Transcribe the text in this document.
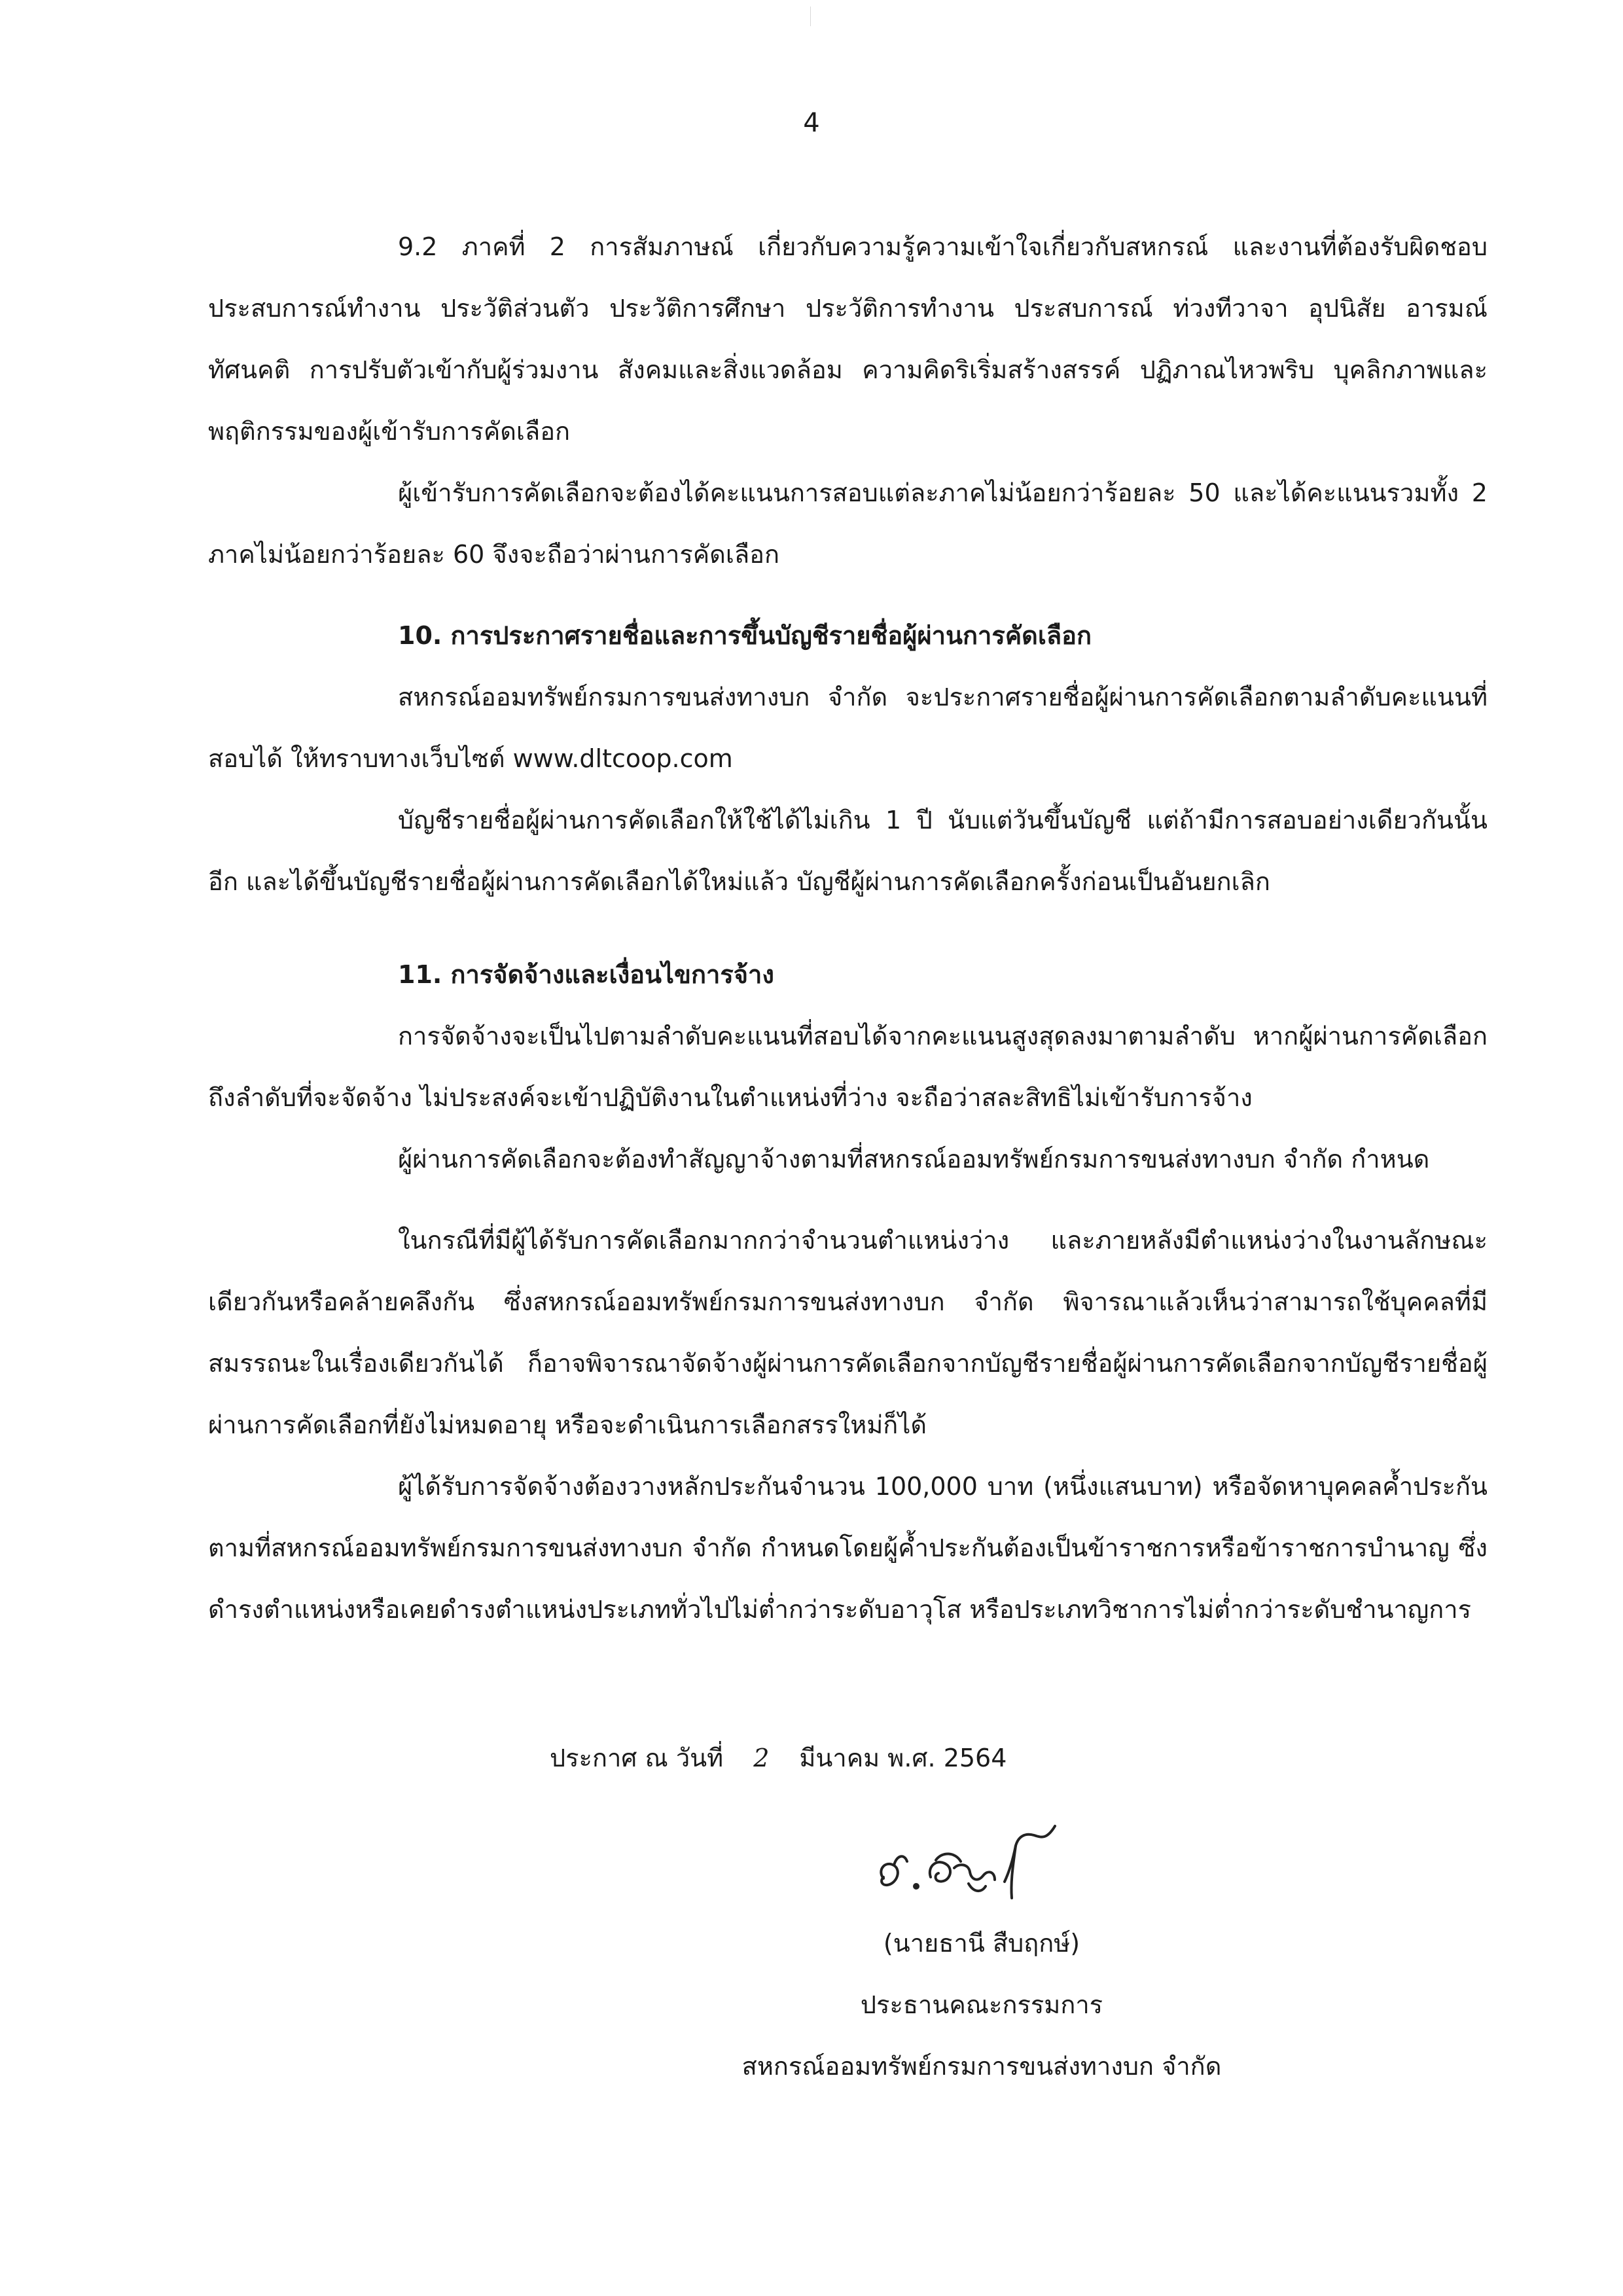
4

9.2 ภาคที่ 2 การสัมภาษณ์ เกี่ยวกับความรู้ความเข้าใจเกี่ยวกับสหกรณ์ และงานที่ต้องรับผิดชอบ ประสบการณ์ทำงาน ประวัติส่วนตัว ประวัติการศึกษา ประวัติการทำงาน ประสบการณ์ ท่วงทีวาจา อุปนิสัย อารมณ์ ทัศนคติ การปรับตัวเข้ากับผู้ร่วมงาน สังคมและสิ่งแวดล้อม ความคิดริเริ่มสร้างสรรค์ ปฏิภาณไหวพริบ บุคลิกภาพและพฤติกรรมของผู้เข้ารับการคัดเลือก

ผู้เข้ารับการคัดเลือกจะต้องได้คะแนนการสอบแต่ละภาคไม่น้อยกว่าร้อยละ 50 และได้คะแนนรวมทั้ง 2 ภาคไม่น้อยกว่าร้อยละ 60 จึงจะถือว่าผ่านการคัดเลือก

10. การประกาศรายชื่อและการขึ้นบัญชีรายชื่อผู้ผ่านการคัดเลือก

สหกรณ์ออมทรัพย์กรมการขนส่งทางบก จำกัด จะประกาศรายชื่อผู้ผ่านการคัดเลือกตามลำดับคะแนนที่สอบได้ ให้ทราบทางเว็บไซต์ www.dltcoop.com

บัญชีรายชื่อผู้ผ่านการคัดเลือกให้ใช้ได้ไม่เกิน 1 ปี นับแต่วันขึ้นบัญชี แต่ถ้ามีการสอบอย่างเดียวกันนั้นอีก และได้ขึ้นบัญชีรายชื่อผู้ผ่านการคัดเลือกได้ใหม่แล้ว บัญชีผู้ผ่านการคัดเลือกครั้งก่อนเป็นอันยกเลิก

11. การจัดจ้างและเงื่อนไขการจ้าง

การจัดจ้างจะเป็นไปตามลำดับคะแนนที่สอบได้จากคะแนนสูงสุดลงมาตามลำดับ หากผู้ผ่านการคัดเลือกถึงลำดับที่จะจัดจ้าง ไม่ประสงค์จะเข้าปฏิบัติงานในตำแหน่งที่ว่าง จะถือว่าสละสิทธิไม่เข้ารับการจ้าง

ผู้ผ่านการคัดเลือกจะต้องทำสัญญาจ้างตามที่สหกรณ์ออมทรัพย์กรมการขนส่งทางบก จำกัด กำหนด

ในกรณีที่มีผู้ได้รับการคัดเลือกมากกว่าจำนวนตำแหน่งว่าง และภายหลังมีตำแหน่งว่างในงานลักษณะเดียวกันหรือคล้ายคลึงกัน ซึ่งสหกรณ์ออมทรัพย์กรมการขนส่งทางบก จำกัด พิจารณาแล้วเห็นว่าสามารถใช้บุคคลที่มีสมรรถนะในเรื่องเดียวกันได้ ก็อาจพิจารณาจัดจ้างผู้ผ่านการคัดเลือกจากบัญชีรายชื่อผู้ผ่านการคัดเลือกจากบัญชีรายชื่อผู้ผ่านการคัดเลือกที่ยังไม่หมดอายุ หรือจะดำเนินการเลือกสรรใหม่ก็ได้

ผู้ได้รับการจัดจ้างต้องวางหลักประกันจำนวน 100,000 บาท (หนึ่งแสนบาท) หรือจัดหาบุคคลค้ำประกันตามที่สหกรณ์ออมทรัพย์กรมการขนส่งทางบก จำกัด กำหนดโดยผู้ค้ำประกันต้องเป็นข้าราชการหรือข้าราชการบำนาญ ซึ่งดำรงตำแหน่งหรือเคยดำรงตำแหน่งประเภททั่วไปไม่ต่ำกว่าระดับอาวุโส หรือประเภทวิชาการไม่ต่ำกว่าระดับชำนาญการ

ประกาศ ณ วันที่ 2 มีนาคม พ.ศ. 2564
(นายธานี สืบฤกษ์)
ประธานคณะกรรมการ
สหกรณ์ออมทรัพย์กรมการขนส่งทางบก จำกัด
